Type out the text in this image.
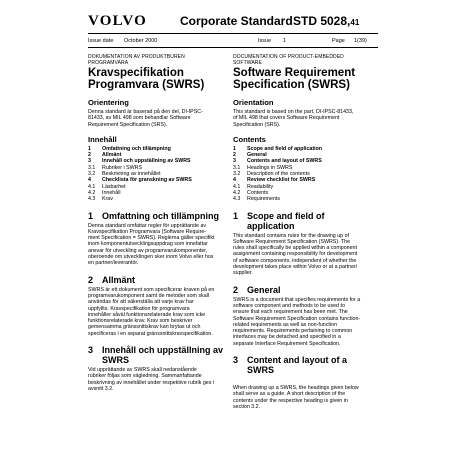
VOLVO	Corporate Standard STD 5028,41
Issue date October 2000	Issue 1	Page 1(39)
DOKUMENTATION AV PRODUKTBUREN
PROGRAMVARA
Kravspecifikation
Programvara (SWRS)
Orientering
Denna standard är baserad på den del, DI-IPSC-
81433, av MIL 498 som behandlar Software
Requirement Specification (SRS).
Innehåll
1	Omfattning och tillämpning
2	Allmänt
3	Innehåll och uppställning av SWRS
3.1	Rubriker i SWRS
3.2	Beskrivning av innehållet
4	Checklista för granskning av SWRS
4.1	Läsbarhet
4.2	Innehåll
4.3	Krav
1 Omfattning och tillämpning
Denna standard omfattar regler för upprättande av
Kravspecifikation Programvara (Software Require-
ment Specification = SWRS). Reglerna gäller specifikt
inom komponentutvecklingsuppdrag som innefattar
ansvar för utveckling av programvarukomponenter,
oberoende om utvecklingen sker inom Volvo eller hos
en partner/leverantör.
2 Allmänt
SWRS är ett dokument som specificerar kraven på en
programvarukomponent samt de metoder som skall
användas för att säkerställa att varje krav har
uppfyllts. Kravspecifikation för programvara
innehåller såväl funktionsrelaterade krav som icke
funktionsrelaterade krav. Krav som beskriver
gemensamma gränssnittskrav kan brytas ut och
specificeras i en separat gränssnittskravspecifikation.
3 Innehåll och uppställning av
SWRS
Vid upprättande av SWRS skall nedanstående
rubriker följas som vägledning. Sammanfattande
beskrivning av innehållet under respektive rubrik ges i
avsnitt 3.2.
DOCUMENTATION OF PRODUCT-EMBEDDED
SOFTWARE
Software Requirement
Specification (SWRS)
Orientation
This standard is based on the part, DI-IPSC-81433,
of MIL 498 that covers Software Requirement
Specification (SRS).
Contents
1	Scope and field of application
2	General
3	Contents and layout of SWRS
3.1	Headings in SWRS
3.2	Description of the contents
4	Review checklist for SWRS
4.1	Readability
4.2	Contents
4.3	Requirements
1 Scope and field of application
This standard contains rules for the drawing up of
Software Requirement Specification (SWRS). The
rules shall specifically be applied within a component
assignment containing responsibility for development
of software components, independent of whether the
development takes place within Volvo or at a partner/
supplier.
2 General
SWRS is a document that specifies requirements for a
software component and methods to be used to
ensure that each requirement has been met. The
Software Requirement Specification contains function-
related requirements as well as non-function
requirements. Requirements pertaining to common
interfaces may be detached and specified in a
separate Interface Requirement Specification.
3 Content and layout of a SWRS
When drawing up a SWRS, the headings given below
shall serve as a guide. A short description of the
contents under the respective heading is given in
section 3.2.
